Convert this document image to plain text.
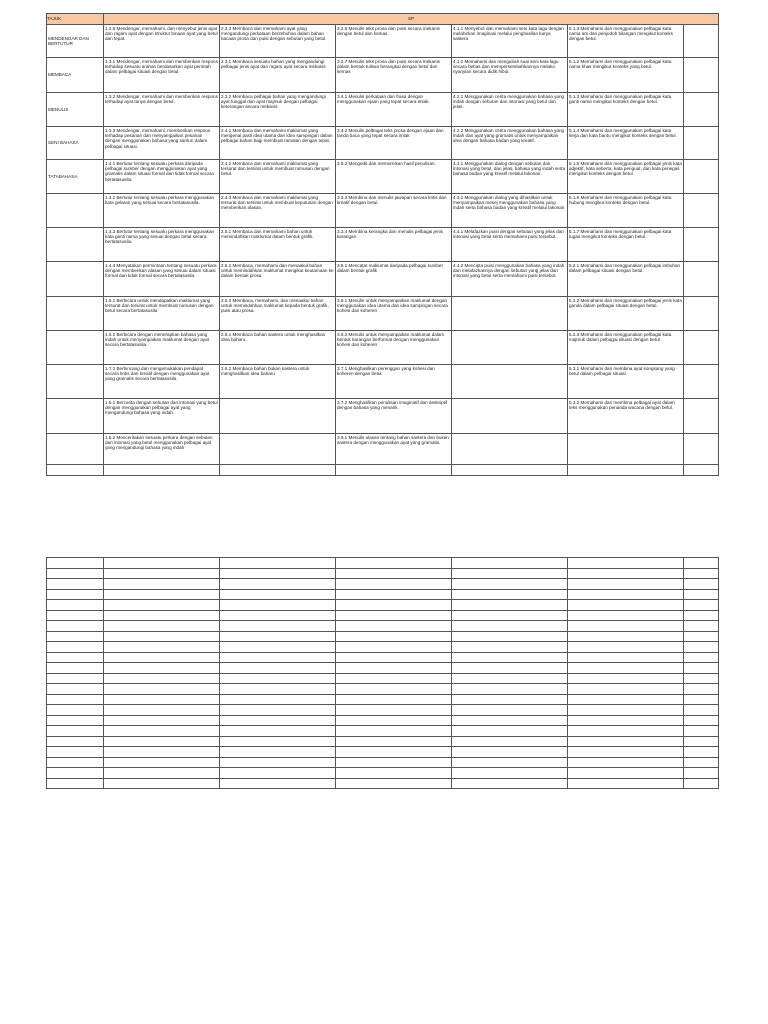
TAJUK	SP					
MENDENGAR DAN BERTUTUR	1.2.6 Mendengar, memahami, dan menyebut jenis ayat dan ragam ayat dengan struktur binaan ayat yang betul dan tepat.	2.2.3 Membaca dan memahami ayat yang mengandungi perkataan berimbuhan dalam bahan bacaan prosa dan puisi dengan sebutan yang betul.	3.2.6 Menulis teks prosa dan puisi secara mekanis dengan betul dan kemas.	4.1.1 Menyebut dan memahami seni kata lagu dengan melahirkan imaginasi melalui penghasilan karya sastera	5.1.3 Memahami dan menggunakan pelbagai kata nama am dan penjodoh bilangan mengikut konteks dengan betul.	
MEMBACA	1.3.1 Mendengar, memahami dan memberikan respons terhadap sesuatu arahan berdasarkan ayat perintah dalam pelbagai situasi dengan betul.	2.3.1 Membaca sesuatu bahan yang mengandungi pelbagai jenis ayat dan ragam ayat secara mekanis	3.2.7 Menulis teks prosa dan puisi secara mekanis dalam bentuk tulisan berangkai dengan betul dan kemas	4.1.2 Memahami dan mengubah suai seni kata lagu secara bebas dan mempersembahkannya melalui nyanyian secara didik hibur.	5.1.2 Memahami dan menggunakan pelbagai kata nama khas mengikut konteks yang betul.	
MENULIS	1.3.2 Mendengar, memahami dan memberikan respons terhadap ayat tanya dengan betul.	2.3.2 Membaca pelbagai bahan yang mengandungi ayat tunggal dan ayat majmuk dengan pelbagai keterangan secara mekanis	3.4.1 Menulis perkataan dan frasa dengan menggunakan ejaan yang tepat secara imlak.	4.2.1 Menggunakan cerita menggunakan bahasa yang indah dengan sebutan dan intonasi yang betul dan jelas.	5.1.3 Memahami dan menggunakan pelbagai kata ganti nama mengikut konteks dengan betul.	
SENI BAHASA	1.3.3 Mendengar, memahami, memberikan respons terhadap pesanan dan menyampaikan pesanan dengan menggunakan bahasa yang santun dalam pelbagai situasi.	2.4.1 Membaca dan memahami maklumat yang mengenal pasti idea utama dan idea sampingan dalam pelbagai bahan bagi membuat ramalan dengan tepat.	3.4.2 Menulis pelbagai teks prosa dengan ejaan dan tanda baca yang tepat secara imlak	4.2.2 Menggunakan cerita menggunakan bahasa yang indah dan ayat yang gramatis untuk menyampaikan idea dengan bahasa badan yang kreatif.	5.1.4 Memahami dan menggunakan pelbagai kata kerja dan kata bantu mengikut konteks dengan betul.	
TATABAHASA	1.4.1 Bertutur tentang sesuatu perkara daripada pelbagai sumber dengan menggunakan ayat yang gramatis dalam situasi formal dan tidak formal secara bertatasusila.	2.4.2 Membaca dan memahami maklumat yang tersurat dan tersirat untuk membuat rumusan dengan betul.	3.8.2 Mengedit dan memurnikan hasil penulisan.	4.3.1 Menggunakan dialog dengan sebutan dan intonasi yang betul, dan jelas, bahasa yang indah serta bahasa badan yang kreatif melalui lakonan.	5.1.5 Memahami dan menggunakan pelbagai jenis kata adjektif, kata seberta, kata penguat, dan kata penegas mengikut konteks dengan betul.	
	1.4.2 Bertutur tentang sesuatu perkara menggunakan kata gelaran yang sesuai secara bertatasusila.	2.4.3 Membaca dan memahami maklumat yang tersurat dan tersirat untuk membuat keputusan dengan memberikan alasan.	3.3.3 Membina dan menulis jawapan secara kritis dan kreatif dengan betul.	4.3.2 Menggunakan dialog yang dihasilkan untuk menyampaikan mesej menggunakan bahasa yang indah serta bahasa badan yang kreatif melalui lakonan	5.1.6 Memahami dan menggunakan pelbagai kata hubung mengikut konteks dengan betul.	
	1.4.3 Bertutur tentang sesuatu perkara menggunakan kata ganti nama yang sesuai dengan betul secara bertatasusila.	2.5.1 Membaca dan memahami bahan untuk memindahkan maklumat dalam bentuk grafik.	3.3.4 Membina kerangka dan menulis pelbagai jenis karangan	4.4.1 Melafazkan puisi dengan sebutan yang jelas dan intonasi yang betul serta memahami puisi tersebut.	5.1.7 Memahami dan menggunakan pelbagai kata tugas mengikut konteks dengan betul.	
	1.4.4 Menyatakan permintaan tentang sesuatu perkara dengan memberikan alasan yang sesuai dalam situasi formal dan tidak formal secara bertatasusila.	2.5.2 Membaca, memahami dan menaakul bahan untuk memindahkan maklumat mengikut keutamaan ke dalam bentuk prosa.	3.5.1 Mencatat maklumat daripada pelbagai sumber dalam bentuk grafik	4.4.2 Mencipta puisi menggunakan bahasa yang indah dan melafazkannya dengan sebutan yang jelas dan intonasi yang betul serta memahami puisi tersebut.	5.2.1 Memahami dan menggunakan pelbagai imbuhan dalam pelbagai situasi dengan betul.	
	1.5.1 Berbicara untuk mendapatkan maklumat yang tersurat dan tersirat untuk membuat rumusan dengan betul secara bertatasusila	2.5.3 Membaca, memahami, dan menaakul bahan untuk memindahkan maklumat kepada bentuk grafik, puisi atau prosa.	3.6.1 Menulis untuk menyampaikan maklumat dengan menggunakan idea utama dan idea sampingan secara kohesi dan koheren		5.2.2 Memahami dan menggunakan pelbagai jenis kata ganda dalam pelbagai situasi dengan betul.	
	1.6.1 Berbicara dengan menerapkan bahasa yang indah untuk menyampaikan maklumat dengan ayat secara bertatasusila.	2.6.1 Membaca bahan sastera untuk menghasilkan idea baharu.	3.6.2 Menulis untuk menyampaikan maklumat dalam bentuk karangan berformat dengan menggunakan kohesi dan koheren		5.2.3 Memahami dan menggunakan pelbagai kata majmuk dalam pelbagai situasi dengan betul.	
	1.7.2 Berbincang dan mengemukakan pendapat secara kritis dan kreatif dengan menggunakan ayat yang gramatis secara bertatasusila.	2.6.2 Membaca bahan bukan sastera untuk menghasilkan idea baharu	3.7.1 Menghasilkan perenggan yang kohesi dan koheren dengan betul.		5.3.1 Memahami dan membina ayat songsang yang betul dalam pelbagai situasi.	
	1.5.1 Bercerita dengan sebutan dan intonasi yang betul dengan menggunakan pelbagai ayat yang mengandungi bahasa yang indah.		3.7.2 Menghasilkan penulisan imaginatif dan deskriptif dengan bahasa yang menarik.		5.3.2 Memahami dan membina pelbagai ayat dalam teks menggunakan penanda wacana dengan betul.	
	1.5.2 Menceritakan sesuatu perkara dengan sebutan dan intonasi yang betul menggunakan pelbagai ayat yang mengandungi bahasa yang indah		3.9.1 Menulis ulasan tentang bahan sastera dan bukan sastera dengan menggunakan ayat yang gramatis.			
